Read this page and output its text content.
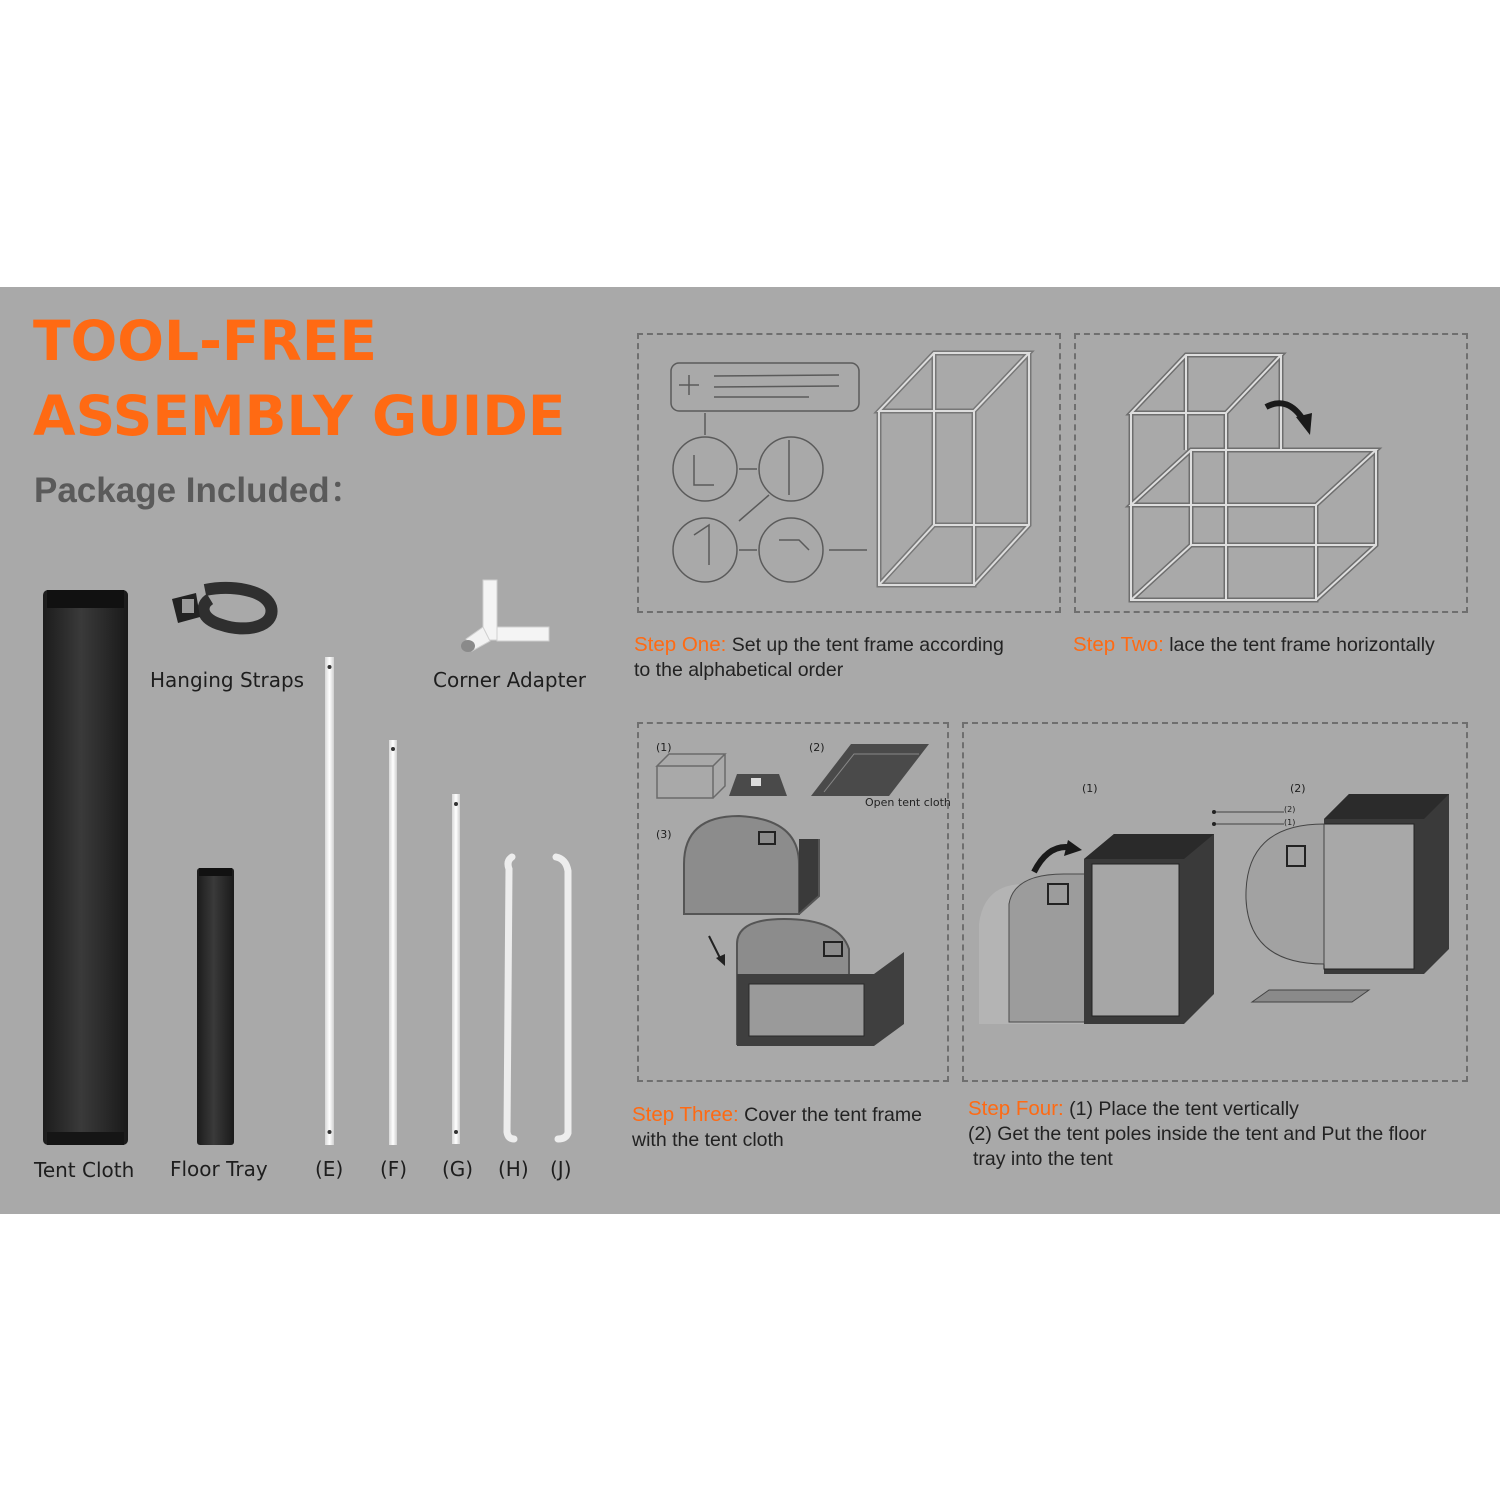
TOOL-FREE
ASSEMBLY GUIDE
Package Included：
Hanging Straps	Corner Adapter
Tent Cloth Floor Tray (E) (F) (G) (H) (J)
Step One: Set up the tent frame according
to the alphabetical order
Step Two: lace the tent frame horizontally
(1)	(2)
(3)
Open tent cloth
(1)	(2)
(2)
(1)
Step Three: Cover the tent frame
with the tent cloth
Step Four: (1) Place the tent vertically
(2) Get the tent poles inside the tent and Put the floor
tray into the tent
